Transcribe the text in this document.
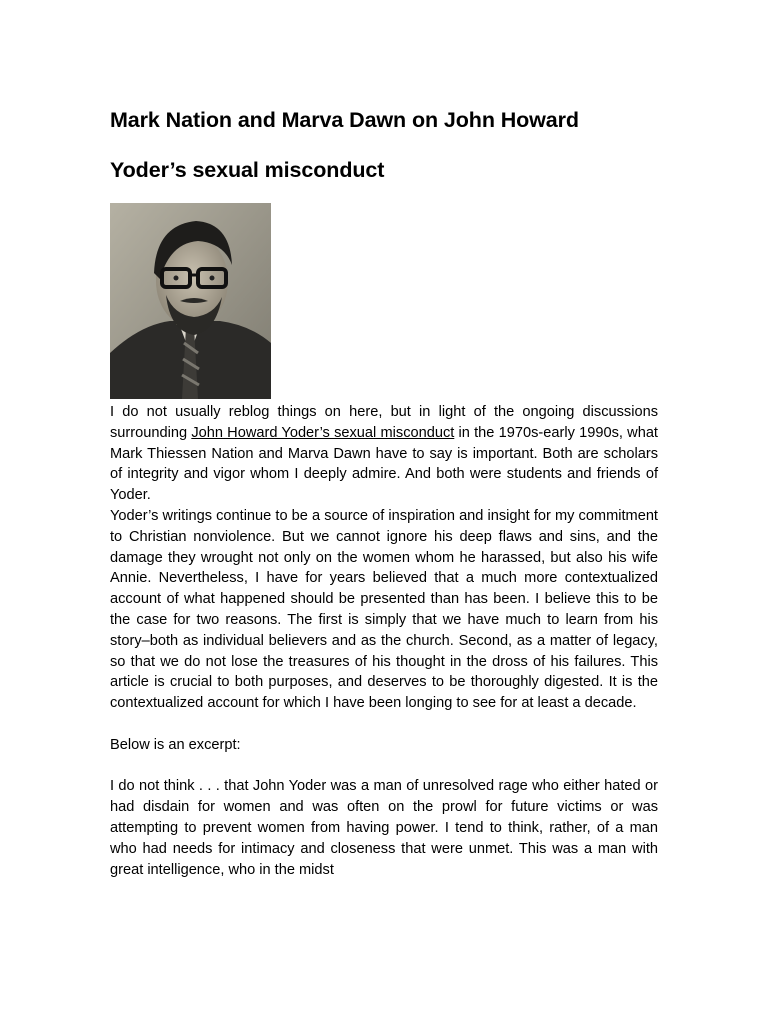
Mark Nation and Marva Dawn on John Howard
Yoder’s sexual misconduct

I do not usually reblog things on here, but in light of the ongoing discussions surrounding John Howard Yoder’s sexual misconduct in the 1970s-early 1990s, what Mark Thiessen Nation and Marva Dawn have to say is important. Both are scholars of integrity and vigor whom I deeply admire. And both were students and friends of Yoder.

Yoder’s writings continue to be a source of inspiration and insight for my commitment to Christian nonviolence. But we cannot ignore his deep flaws and sins, and the damage they wrought not only on the women whom he harassed, but also his wife Annie. Nevertheless, I have for years believed that a much more contextualized account of what happened should be presented than has been. I believe this to be the case for two reasons. The first is simply that we have much to learn from his story–both as individual believers and as the church. Second, as a matter of legacy, so that we do not lose the treasures of his thought in the dross of his failures. This article is crucial to both purposes, and deserves to be thoroughly digested. It is the contextualized account for which I have been longing to see for at least a decade.

Below is an excerpt:

I do not think . . . that John Yoder was a man of unresolved rage who either hated or had disdain for women and was often on the prowl for future victims or was attempting to prevent women from having power. I tend to think, rather, of a man who had needs for intimacy and closeness that were unmet. This was a man with great intelligence, who in the midst
